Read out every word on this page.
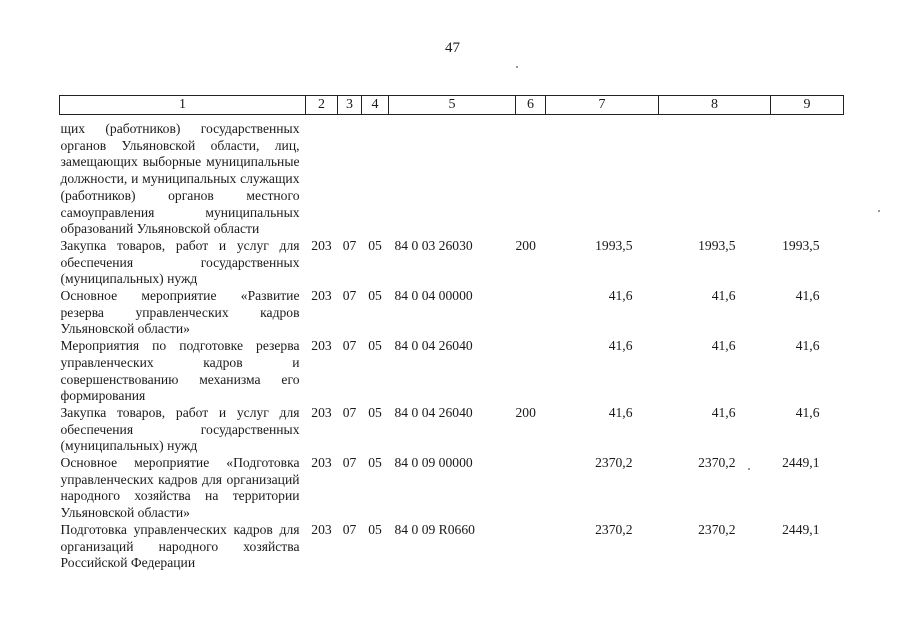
47
1	2	3	4	5	6	7	8	9
щих (работников) государственных органов Ульяновской области, лиц, замещающих выборные муниципальные должности, и муниципальных служащих (работников) органов местного самоуправления муниципальных образований Ульяновской области								
Закупка товаров, работ и услуг для обеспечения государственных (муниципальных) нужд	203	07	05	84 0 03 26030	200	1993,5	1993,5	1993,5
Основное мероприятие «Развитие резерва управленческих кадров Ульяновской области»	203	07	05	84 0 04 00000		41,6	41,6	41,6
Мероприятия по подготовке резерва управленческих кадров и совершенствованию механизма его формирования	203	07	05	84 0 04 26040		41,6	41,6	41,6
Закупка товаров, работ и услуг для обеспечения государственных (муниципальных) нужд	203	07	05	84 0 04 26040	200	41,6	41,6	41,6
Основное мероприятие «Подготовка управленческих кадров для организаций народного хозяйства на территории Ульяновской области»	203	07	05	84 0 09 00000		2370,2	2370,2	2449,1
Подготовка управленческих кадров для организаций народного хозяйства Российской Федерации	203	07	05	84 0 09 R0660		2370,2	2370,2	2449,1
